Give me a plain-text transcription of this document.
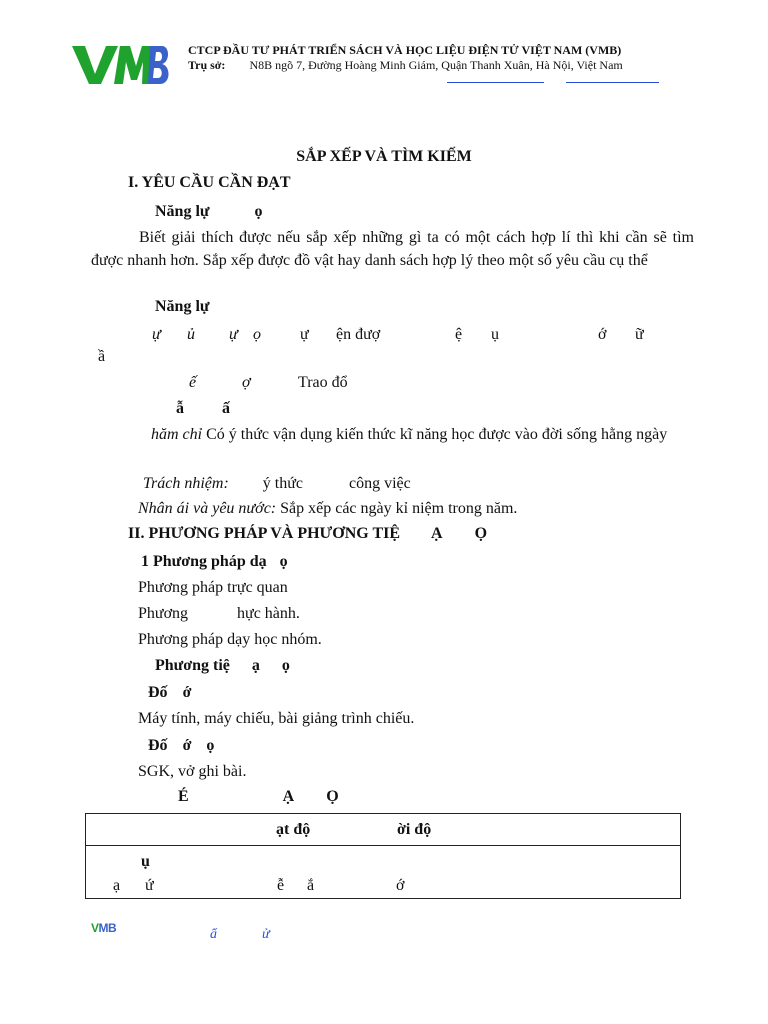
CTCP ĐẦU TƯ PHÁT TRIỂN SÁCH VÀ HỌC LIỆU ĐIỆN TỬ VIỆT NAM (VMB)
Trụ sở: N8B ngõ 7, Đường Hoàng Minh Giám, Quận Thanh Xuân, Hà Nội, Việt Nam
SẮP XẾP VÀ TÌM KIẾM
I. YÊU CẦU CẦN ĐẠT
Năng lự	ọ
Biết giải thích được nếu sắp xếp những gì ta có một cách hợp lí thì khi cần sẽ tìm được nhanh hơn. Sắp xếp được đồ vật hay danh sách hợp lý theo một số yêu cầu cụ thể
Năng lự
ự ủ ự ọ ự ện đượ	ệ ụ	ớ ữ
ầ
ế	ợ	Trao đổ
ẫ ấ
hăm chỉ Có ý thức vận dụng kiến thức kĩ năng học được vào đời sống hằng ngày
Trách nhiệm: ý thức	công việc
Nhân ái và yêu nước: Sắp xếp các ngày kỉ niệm trong năm.
II. PHƯƠNG PHÁP VÀ PHƯƠNG TIỆ Ạ Ọ
1 Phương pháp dạ ọ
Phương pháp trực quan
Phương	hực hành.
Phương pháp dạy học nhóm.
Phương tiệ ạ ọ
Đố ớ
Máy tính, máy chiếu, bài giảng trình chiếu.
Đố ớ ọ
SGK, vở ghi bài.
É	Ạ Ọ
ạt độ	ời độ
ụ
ạ ứ	ễ ắ	ớ
VMB	ẩ	ử
